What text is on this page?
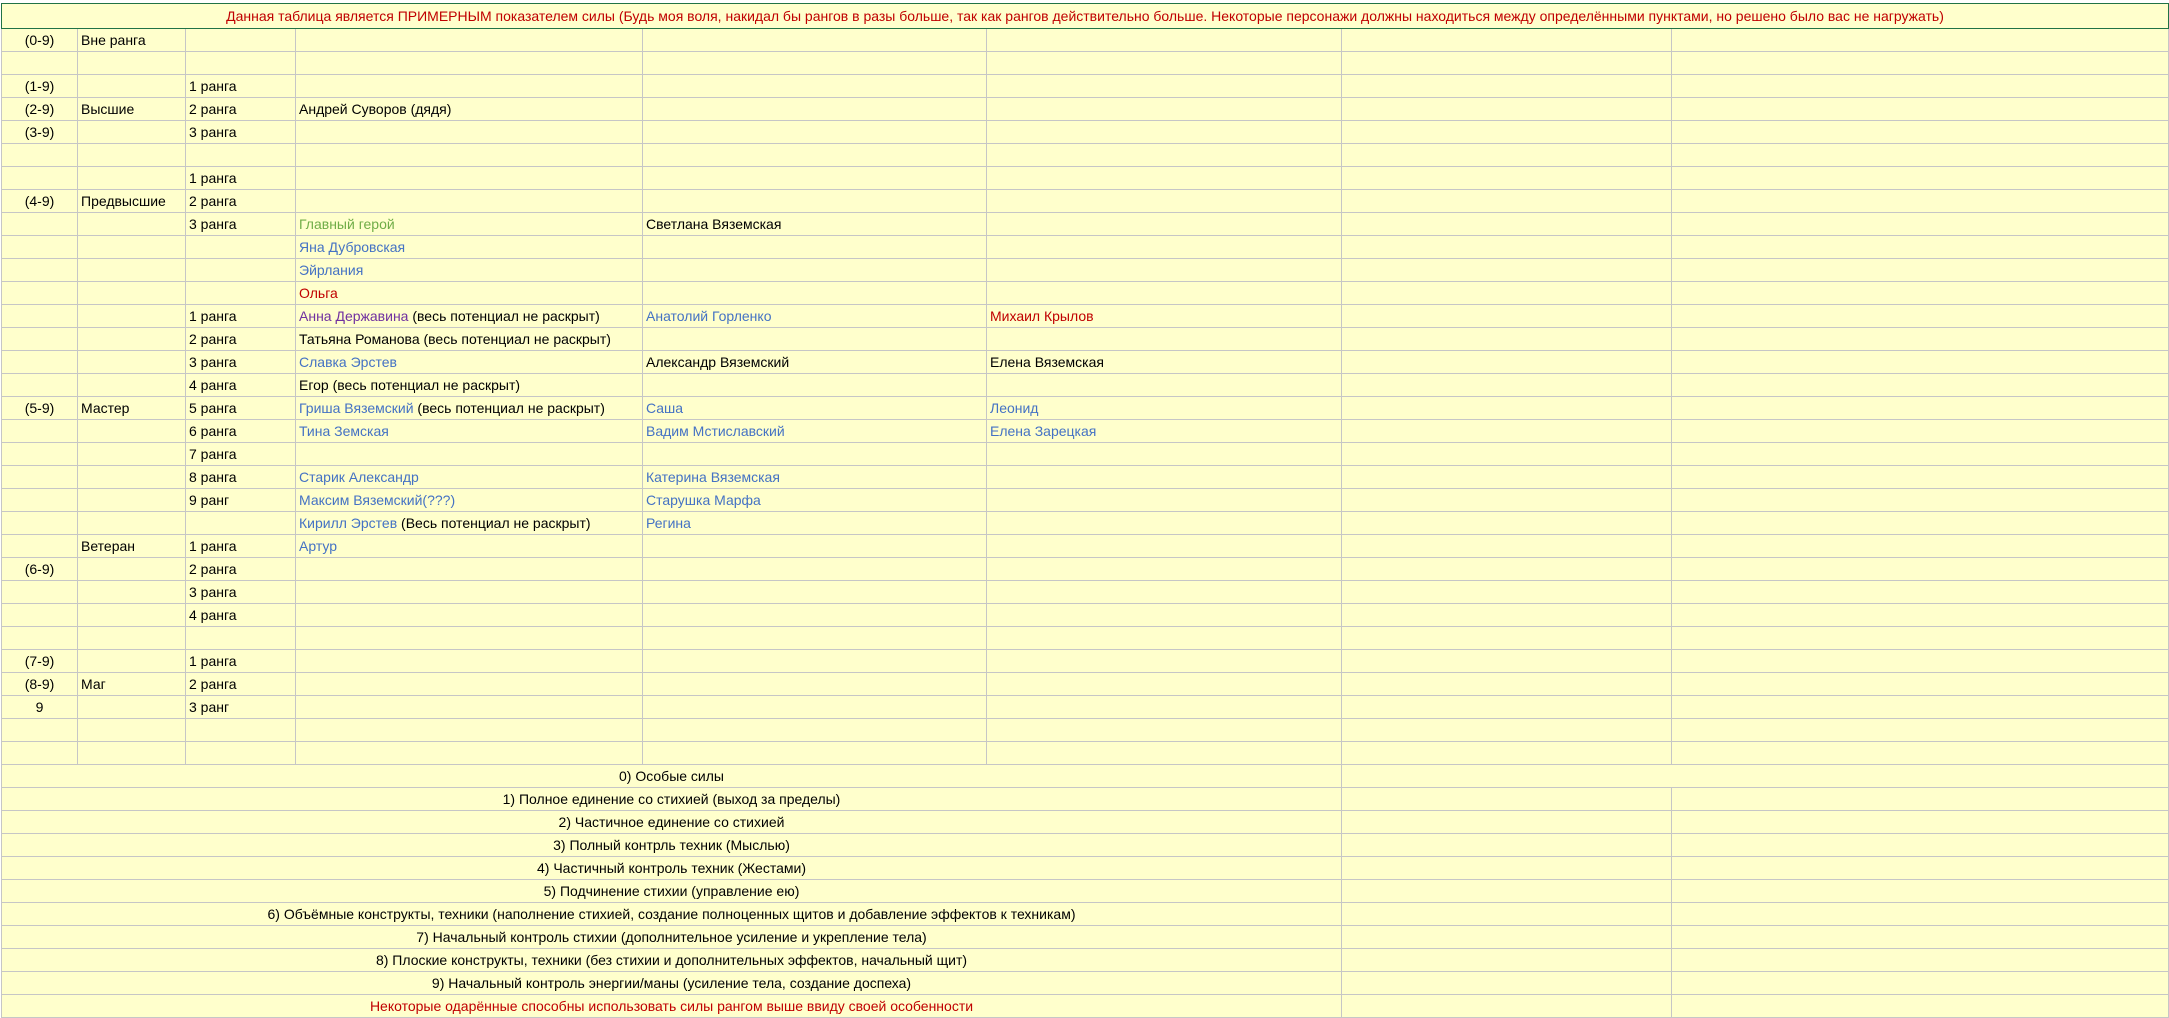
Данная таблица является ПРИМЕРНЫМ показателем силы (Будь моя воля, накидал бы рангов в разы больше, так как рангов действительно больше. Некоторые персонажи должны находиться между определёнными пунктами, но решено было вас не нагружать)							
(0-9)	Вне ранга						

(1-9)		1 ранга					
(2-9)	Высшие	2 ранга	Андрей Суворов (дядя)				
(3-9)		3 ранга					

		1 ранга					
(4-9)	Предвысшие	2 ранга					
		3 ранга	Главный герой	Светлана Вяземская			
			Яна Дубровская				
			Эйрлания				
			Ольга				
		1 ранга	Анна Державина (весь потенциал не раскрыт)	Анатолий Горленко	Михаил Крылов		
		2 ранга	Татьяна Романова (весь потенциал не раскрыт)				
		3 ранга	Славка Эрстев	Александр Вяземский	Елена Вяземская		
		4 ранга	Егор (весь потенциал не раскрыт)				
(5-9)	Мастер	5 ранга	Гриша Вяземский (весь потенциал не раскрыт)	Саша	Леонид		
		6 ранга	Тина Земская	Вадим Мстиславский	Елена Зарецкая		
		7 ранга					
		8 ранга	Старик Александр	Катерина Вяземская			
		9 ранг	Максим Вяземский(???)	Старушка Марфа			
			Кирилл Эрстев (Весь потенциал не раскрыт)	Регина			
	Ветеран	1 ранга	Артур				
(6-9)		2 ранга					
		3 ранга					
		4 ранга					

(7-9)		1 ранга					
(8-9)	Маг	2 ранга					
9		3 ранг					

0) Особые силы							
1) Полное единение со стихией (выход за пределы)							
2) Частичное единение со стихией							
3) Полный контрль техник (Мыслью)							
4) Частичный контроль техник (Жестами)							
5) Подчинение стихии (управление ею)							
6) Объёмные конструкты, техники (наполнение стихией, создание полноценных щитов и добавление эффектов к техникам)							
7) Начальный контроль стихии (дополнительное усиление и укрепление тела)							
8) Плоские конструкты, техники (без стихии и дополнительных эффектов, начальный щит)							
9) Начальный контроль энергии/маны (усиление тела, создание доспеха)							
Некоторые одарённые способны использовать силы рангом выше ввиду своей особенности							
